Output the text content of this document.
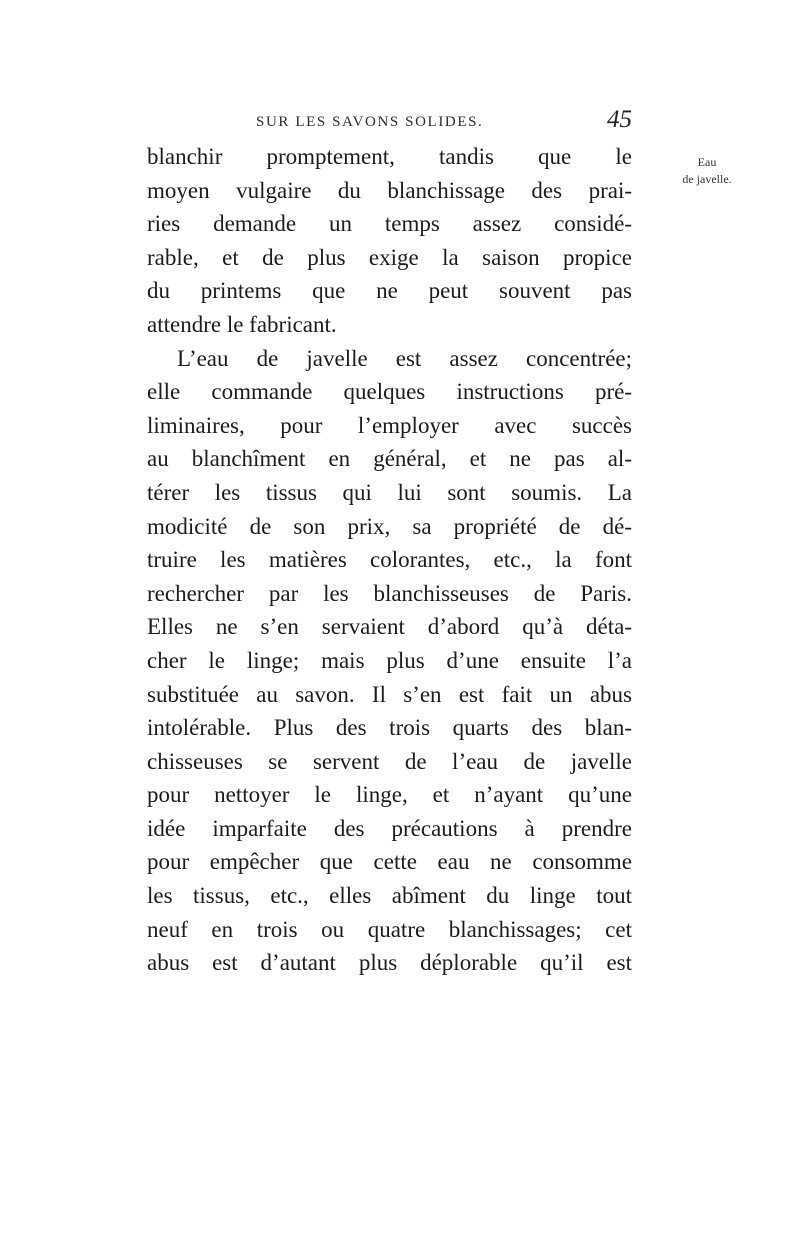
SUR LES SAVONS SOLIDES.	45
Eau
de javelle.
blanchir promptement, tandis que le
moyen vulgaire du blanchissage des prai-
ries demande un temps assez considé-
rable, et de plus exige la saison propice
du printems que ne peut souvent pas
attendre le fabricant.
L’eau de javelle est assez concentrée;
elle commande quelques instructions pré-
liminaires, pour l’employer avec succès
au blanchîment en général, et ne pas al-
térer les tissus qui lui sont soumis. La
modicité de son prix, sa propriété de dé-
truire les matières colorantes, etc., la font
rechercher par les blanchisseuses de Paris.
Elles ne s’en servaient d’abord qu’à déta-
cher le linge; mais plus d’une ensuite l’a
substituée au savon. Il s’en est fait un abus
intolérable. Plus des trois quarts des blan-
chisseuses se servent de l’eau de javelle
pour nettoyer le linge, et n’ayant qu’une
idée imparfaite des précautions à prendre
pour empêcher que cette eau ne consomme
les tissus, etc., elles abîment du linge tout
neuf en trois ou quatre blanchissages; cet
abus est d’autant plus déplorable qu’il est
